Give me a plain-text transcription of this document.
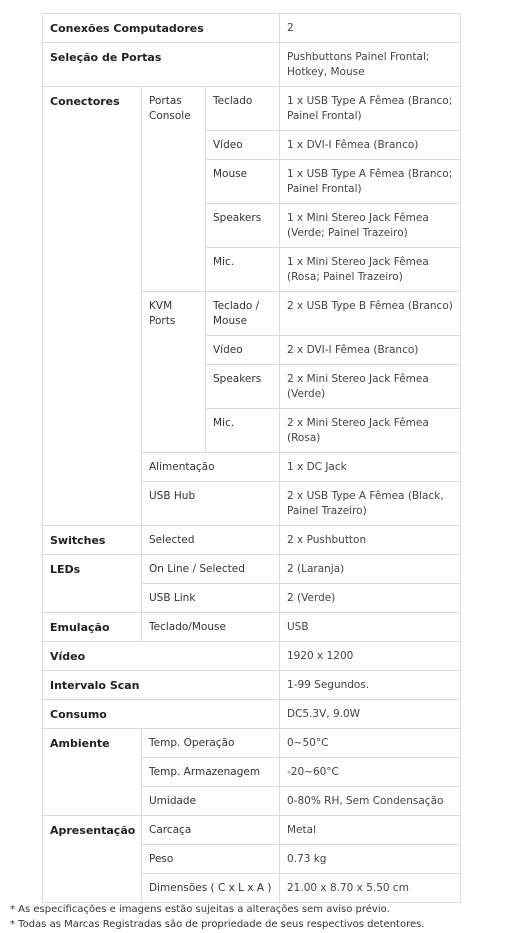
Conexões Computadores			2
Seleção de Portas			Pushbuttons Painel Frontal; Hotkey, Mouse
Conectores	Portas Console	Teclado	1 x USB Type A Fêmea (Branco; Painel Frontal)
		Vídeo	1 x DVI-I Fêmea (Branco)
		Mouse	1 x USB Type A Fêmea (Branco; Painel Frontal)
		Speakers	1 x Mini Stereo Jack Fêmea (Verde; Painel Trazeiro)
		Mic.	1 x Mini Stereo Jack Fêmea (Rosa; Painel Trazeiro)
	KVM Ports	Teclado / Mouse	2 x USB Type B Fêmea (Branco)
		Vídeo	2 x DVI-I Fêmea (Branco)
		Speakers	2 x Mini Stereo Jack Fêmea (Verde)
		Mic.	2 x Mini Stereo Jack Fêmea (Rosa)
	Alimentação		1 x DC Jack
	USB Hub		2 x USB Type A Fêmea (Black, Painel Trazeiro)
Switches	Selected		2 x Pushbutton
LEDs	On Line / Selected		2 (Laranja)
	USB Link		2 (Verde)
Emulação	Teclado/Mouse		USB
Vídeo			1920 x 1200
Intervalo Scan			1-99 Segundos.
Consumo			DC5.3V, 9.0W
Ambiente	Temp. Operação		0~50°C
	Temp. Armazenagem		-20~60°C
	Umidade		0-80% RH, Sem Condensação
Apresentação	Carcaça		Metal
	Peso		0.73 kg
	Dimensões ( C x L x A )		21.00 x 8.70 x 5.50 cm
* As especificações e imagens estão sujeitas a alterações sem aviso prévio.
* Todas as Marcas Registradas são de propriedade de seus respectivos detentores.
